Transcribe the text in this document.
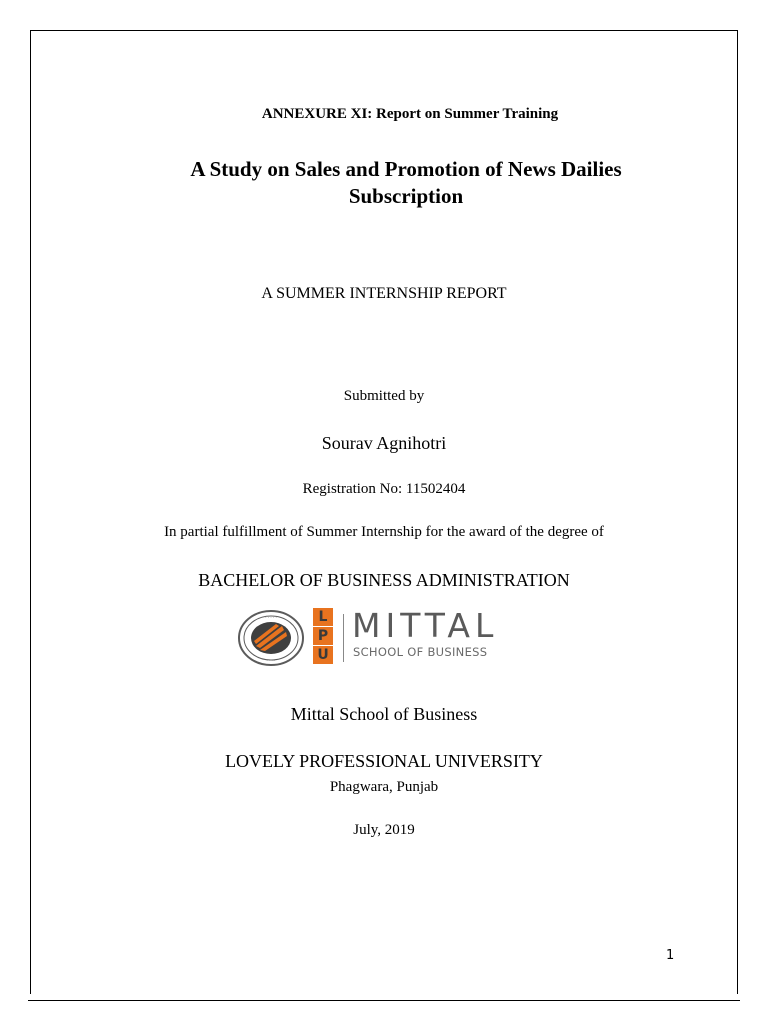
ANNEXURE XI: Report on Summer Training
A Study on Sales and Promotion of News Dailies
Subscription
A SUMMER INTERNSHIP REPORT
Submitted by
Sourav Agnihotri
Registration No: 11502404
In partial fulfillment of Summer Internship for the award of the degree of
BACHELOR OF BUSINESS ADMINISTRATION
· · · · ·
· · · ·
L
P
U
MITTAL
SCHOOL OF BUSINESS
Mittal School of Business
LOVELY PROFESSIONAL UNIVERSITY
Phagwara, Punjab
July, 2019
1
